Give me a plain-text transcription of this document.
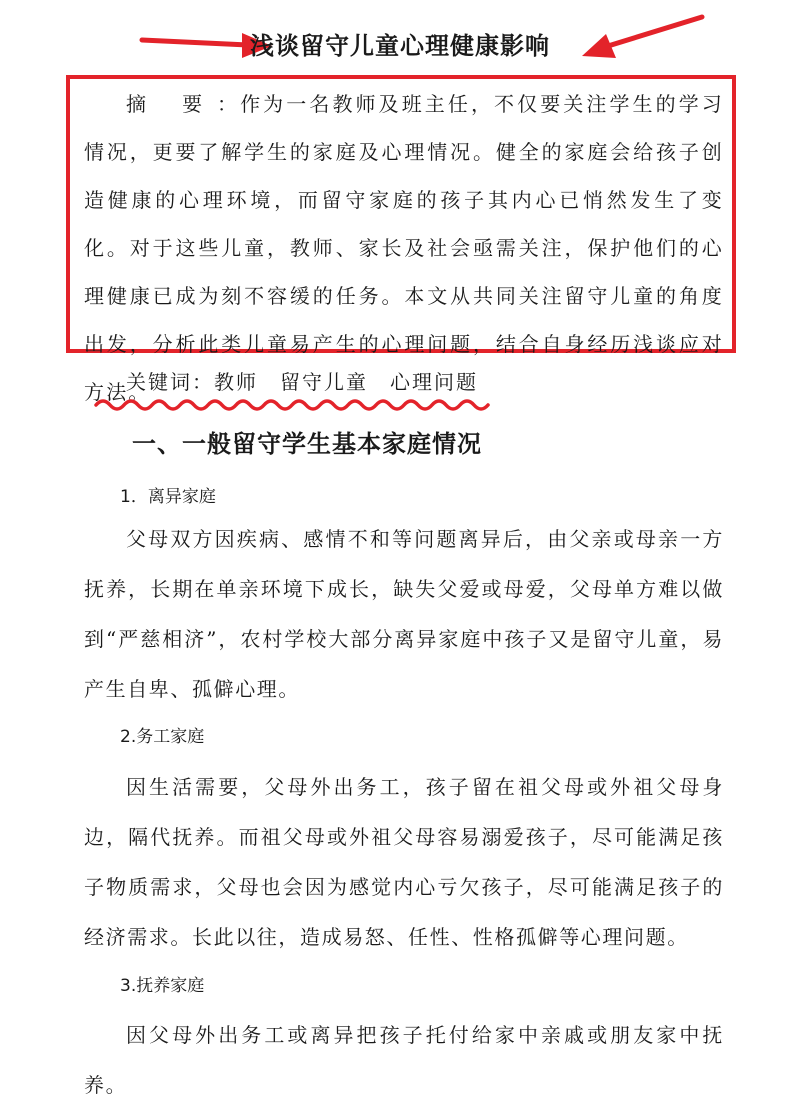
浅谈留守儿童心理健康影响
摘 要：作为一名教师及班主任，不仅要关注学生的学习情况，更要了解学生的家庭及心理情况。健全的家庭会给孩子创造健康的心理环境，而留守家庭的孩子其内心已悄然发生了变化。对于这些儿童，教师、家长及社会亟需关注，保护他们的心理健康已成为刻不容缓的任务。本文从共同关注留守儿童的角度出发，分析此类儿童易产生的心理问题，结合自身经历浅谈应对方法。
关键词：教师 留守儿童 心理问题
一、一般留守学生基本家庭情况
1．离异家庭
父母双方因疾病、感情不和等问题离异后，由父亲或母亲一方抚养，长期在单亲环境下成长，缺失父爱或母爱，父母单方难以做到“严慈相济”，农村学校大部分离异家庭中孩子又是留守儿童，易产生自卑、孤僻心理。
2.务工家庭
因生活需要，父母外出务工，孩子留在祖父母或外祖父母身边，隔代抚养。而祖父母或外祖父母容易溺爱孩子，尽可能满足孩子物质需求，父母也会因为感觉内心亏欠孩子，尽可能满足孩子的经济需求。长此以往，造成易怒、任性、性格孤僻等心理问题。
3.抚养家庭
因父母外出务工或离异把孩子托付给家中亲戚或朋友家中抚养。
